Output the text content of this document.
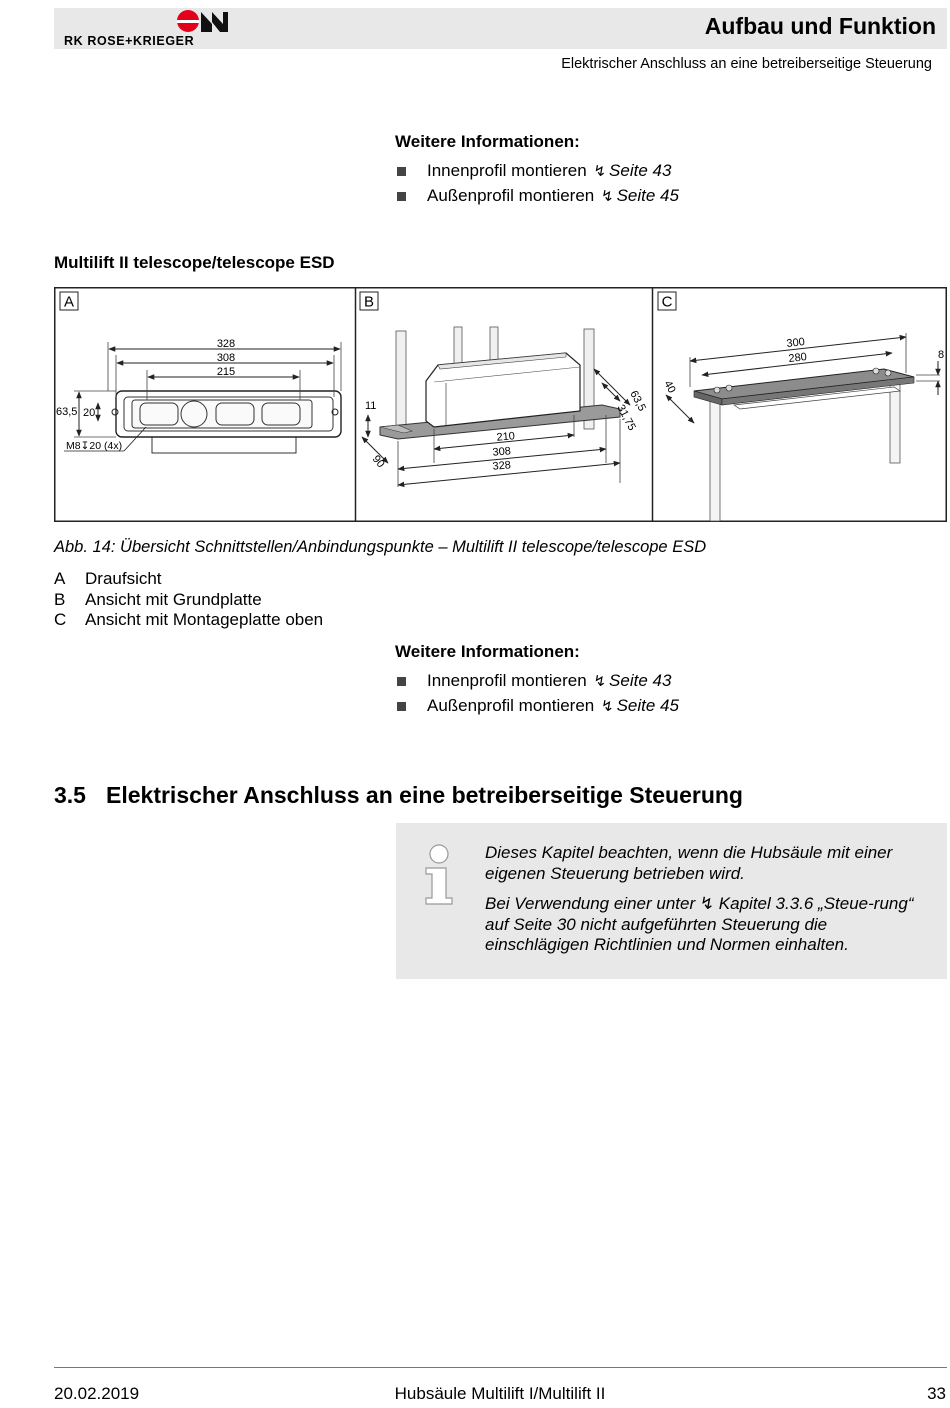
RK ROSE+KRIEGER
Aufbau und Funktion
Elektrischer Anschluss an eine betreiberseitige Steuerung
Weitere Informationen:
Innenprofil montieren ↯ Seite 43
Außenprofil montieren ↯ Seite 45
Multilift II telescope/telescope ESD
A
328
308
215
63,5 20
M8↧20 (4x)
B
210
308
328
11
90
63,5
31,75
C
300
280
40
8
Abb. 14: Übersicht Schnittstellen/Anbindungspunkte – Multilift II telescope/telescope ESD
A Draufsicht
B Ansicht mit Grundplatte
C Ansicht mit Montageplatte oben
Weitere Informationen:
Innenprofil montieren ↯ Seite 43
Außenprofil montieren ↯ Seite 45
3.5 Elektrischer Anschluss an eine betreiberseitige Steuerung

Dieses Kapitel beachten, wenn die Hubsäule mit einer eigenen Steuerung betrieben wird.

Bei Verwendung einer unter ↯ Kapitel 3.3.6 „Steue-rung“ auf Seite 30 nicht aufgeführten Steuerung die einschlägigen Richtlinien und Normen einhalten.

20.02.2019	Hubsäule Multilift I/Multilift II	33
